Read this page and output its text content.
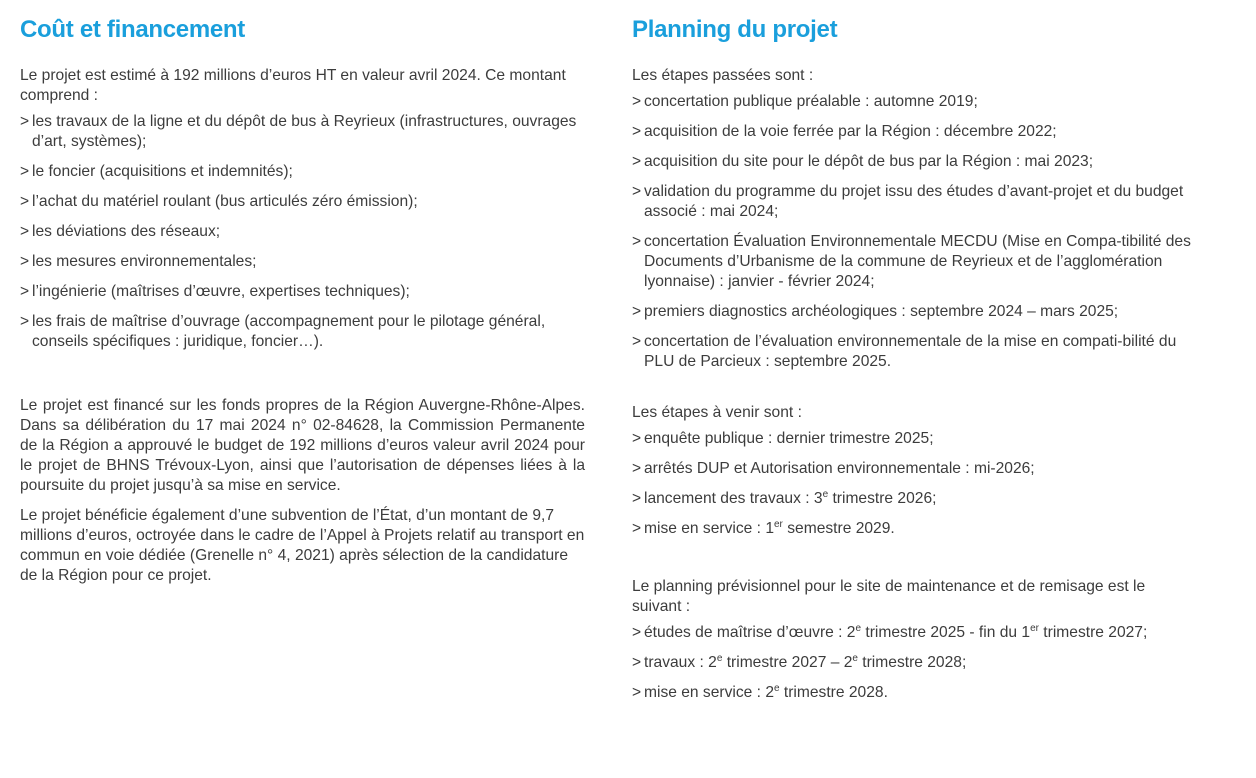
Coût et financement

Le projet est estimé à 192 millions d’euros HT en valeur avril 2024. Ce montant comprend :

> les travaux de la ligne et du dépôt de bus à Reyrieux (infrastructures, ouvrages d’art, systèmes);
> le foncier (acquisitions et indemnités);
> l’achat du matériel roulant (bus articulés zéro émission);
> les déviations des réseaux;
> les mesures environnementales;
> l’ingénierie (maîtrises d’œuvre, expertises techniques);
> les frais de maîtrise d’ouvrage (accompagnement pour le pilotage général, conseils spécifiques : juridique, foncier…).

Le projet est financé sur les fonds propres de la Région Auvergne-Rhône-Alpes. Dans sa délibération du 17 mai 2024 n° 02-84628, la Commission Permanente de la Région a approuvé le budget de 192 millions d’euros valeur avril 2024 pour le projet de BHNS Trévoux-Lyon, ainsi que l’autorisation de dépenses liées à la poursuite du projet jusqu’à sa mise en service.

Le projet bénéficie également d’une subvention de l’État, d’un montant de 9,7 millions d’euros, octroyée dans le cadre de l’Appel à Projets relatif au transport en commun en voie dédiée (Grenelle n° 4, 2021) après sélection de la candidature de la Région pour ce projet.

Planning du projet

Les étapes passées sont :

> concertation publique préalable : automne 2019;
> acquisition de la voie ferrée par la Région : décembre 2022;
> acquisition du site pour le dépôt de bus par la Région : mai 2023;
> validation du programme du projet issu des études d’avant-projet et du budget associé : mai 2024;
> concertation Évaluation Environnementale MECDU (Mise en Compa-tibilité des Documents d’Urbanisme de la commune de Reyrieux et de l’agglomération lyonnaise) : janvier - février 2024;
> premiers diagnostics archéologiques : septembre 2024 – mars 2025;
> concertation de l’évaluation environnementale de la mise en compati-bilité du PLU de Parcieux : septembre 2025.

Les étapes à venir sont :

> enquête publique : dernier trimestre 2025;
> arrêtés DUP et Autorisation environnementale : mi-2026;
> lancement des travaux : 3e trimestre 2026;
> mise en service : 1er semestre 2029.

Le planning prévisionnel pour le site de maintenance et de remisage est le suivant :

> études de maîtrise d’œuvre : 2e trimestre 2025 - fin du 1er trimestre 2027;
> travaux : 2e trimestre 2027 – 2e trimestre 2028;
> mise en service : 2e trimestre 2028.
